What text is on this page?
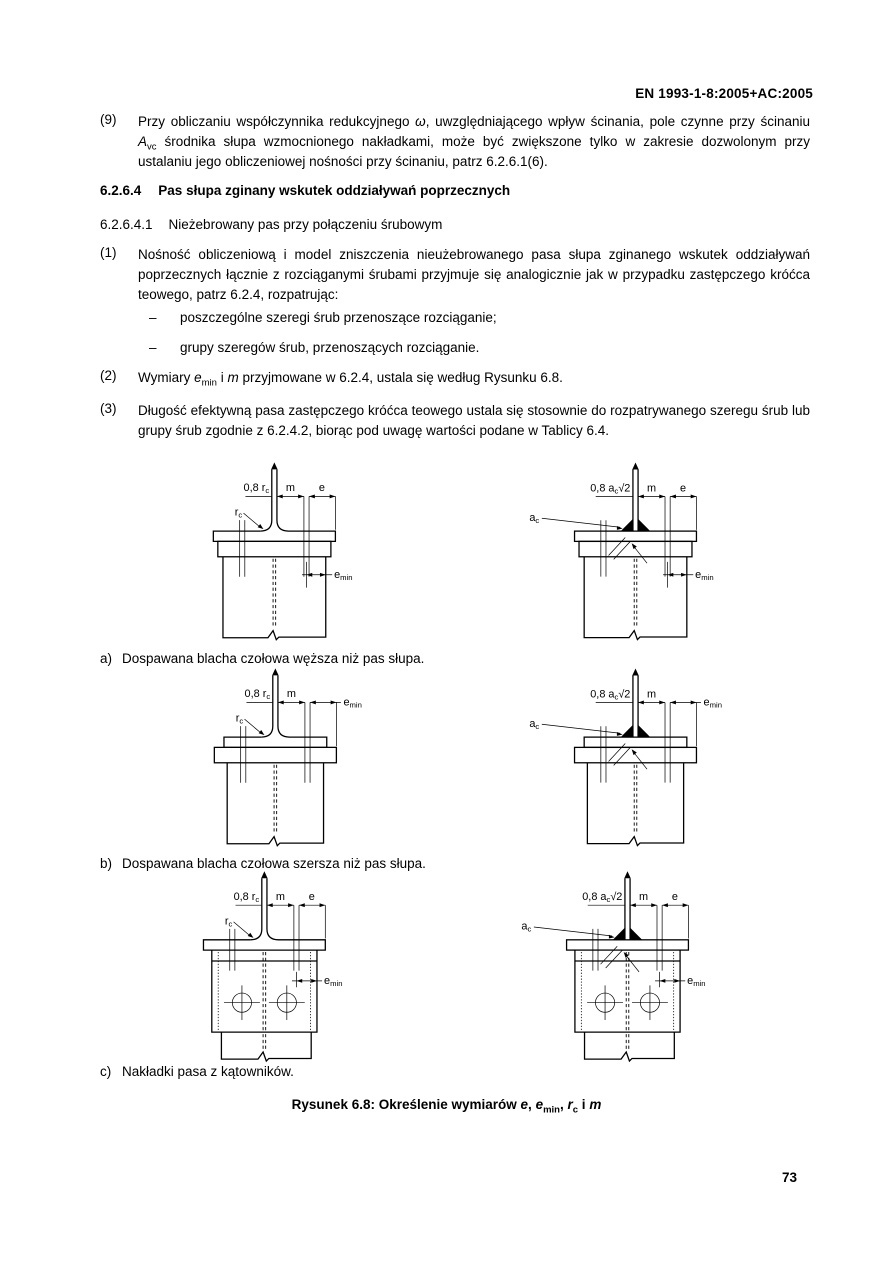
EN 1993-1-8:2005+AC:2005
(9)	Przy obliczaniu współczynnika redukcyjnego ω, uwzględniającego wpływ ścinania, pole czynne przy ścinaniu $A_{vc}$ środnika słupa wzmocnionego nakładkami, może być zwiększone tylko w zakresie dozwolonym przy ustalaniu jego obliczeniowej nośności przy ścinaniu, patrz 6.2.6.1(6).
6.2.6.4 Pas słupa zginany wskutek oddziaływań poprzecznych
6.2.6.4.1 Nieżebrowany pas przy połączeniu śrubowym
(1)	Nośność obliczeniową i model zniszczenia nieużebrowanego pasa słupa zginanego wskutek oddziaływań poprzecznych łącznie z rozciąganymi śrubami przyjmuje się analogicznie jak w przypadku zastępczego króćca teowego, patrz 6.2.4, rozpatrując:
–	poszczególne szeregi śrub przenoszące rozciąganie;
–	grupy szeregów śrub, przenoszących rozciąganie.
(2)	Wymiary $e_{min}$ i m przyjmowane w 6.2.4, ustala się według Rysunku 6.8.
(3)	Długość efektywną pasa zastępczego króćca teowego ustala się stosownie do rozpatrywanego szeregu śrub lub grupy śrub zgodnie z 6.2.4.2, biorąc pod uwagę wartości podane w Tablicy 6.4.
m e
0,8 rc
rc
emin
m e
0,8 ac√2
ac
emin
a) Dospawana blacha czołowa węższa niż pas słupa.
m
emin
0,8 rc
rc
m
emin
0,8 ac√2
ac
b) Dospawana blacha czołowa szersza niż pas słupa.
m e
0,8 rc
rc
emin
m e
0,8 ac√2
ac
emin
c) Nakładki pasa z kątowników.
Rysunek 6.8: Określenie wymiarów e, $e_{min}$, $r_c$ i m
73
